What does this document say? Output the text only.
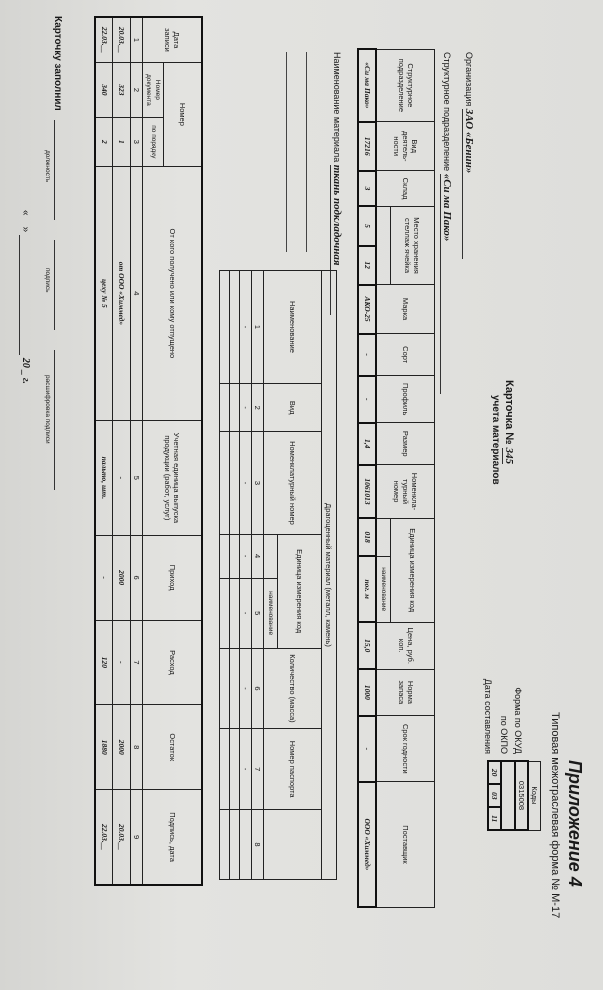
Приложение 4
Типовая межотраслевая форма № М-17
Коды
0315008

20	03	11
Форма по ОКУД
по ОКПО
Дата составления
Карточка № 345
учета материалов
Организация ЗАО «Бенин»
Структурное подразделение «Си ма Пако»
Структурное подразделение	Вид деятель-ности	Склад	Место хранения стеллаж ячейка		Марка	Сорт	Профиль	Размер	Номенкла-турный номер	Единица измерения код		Цена, руб. коп.	Норма запаса	Срок годности	Поставщик
											наименование				
«Си ма Пако»	17216	3	5	12	АКО-25	-	-	1,4	1061013	018	пог. м	15,0	1000	-	ООО «Химмед»
Наименование материала ткань подкладочная
Драгоценный материал (металл, камень)							
Наименование	Вид	Номенклатурный номер	Единица измерения код		Количество (масса)	Номер паспорта	
				наименование			
1	2	3	4	5	6	7	8
-	-	-	-	-	-	-	

Дата записи	Номер		От кого получено или кому отпущено	Учетная единица выпуска продукции (работ, услуг)	Приход	Расход	Остаток	Подпись, дата
	Номер документа	по порядку						
1	2	3	4	5	6	7	8	9
20.03.__	323	1	от ООО «Химмед»	-	2000	-	2000	20.03.__
22.03.__	340	2	цеху № 5	пальто, шт.	-	120	1880	22.03.__
Карточку заполнил
должность
подпись
расшифровка подписи
«    »   20 _ г.
